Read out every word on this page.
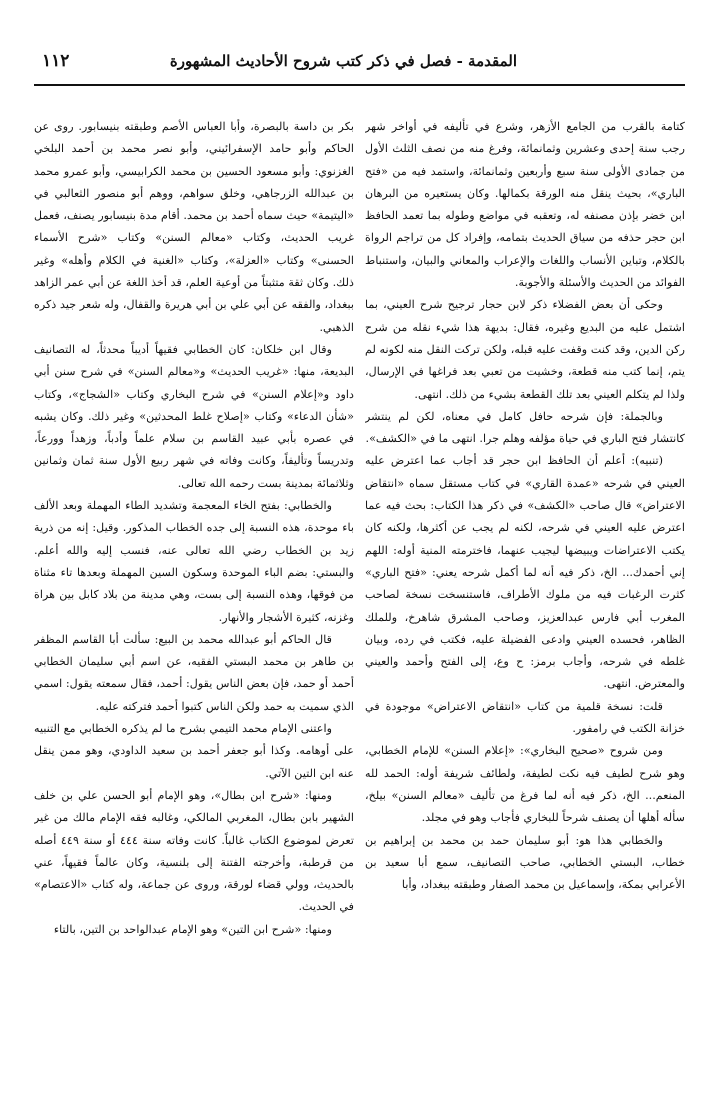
المقدمة - فصل في ذكر كتب شروح الأحاديث المشهورة
١١٢

كتامة بالقرب من الجامع الأزهر، وشرع في تأليفه في أواخر شهر رجب سنة إحدى وعشرين وثمانمائة، وفرغ منه من نصف الثلث الأول من جمادى الأولى سنة سبع وأربعين وثمانمائة، واستمد فيه من «فتح الباري»، بحيث ينقل منه الورقة بكمالها. وكان يستعيره من البرهان ابن خضر بإذن مصنفه له، وتعقبه في مواضع وطوله بما تعمد الحافظ ابن حجر حذفه من سياق الحديث بتمامه، وإفراد كل من تراجم الرواة بالكلام، وتباين الأنساب واللغات والإعراب والمعاني والبيان، واستنباط الفوائد من الحديث والأسئلة والأجوبة.

وحكى أن بعض الفضلاء ذكر لابن حجار ترجيح شرح العيني، بما اشتمل عليه من البديع وغيره، فقال: بديهة هذا شيء نقله من شرح ركن الدين، وقد كنت وقفت عليه قبله، ولكن تركت النقل منه لكونه لم يتم، إنما كتب منه قطعة، وخشيت من تعبي بعد فراغها في الإرسال، ولذا لم يتكلم العيني بعد تلك القطعة بشيء من ذلك. انتهى.

وبالجملة: فإن شرحه حافل كامل في معناه، لكن لم ينتشر كانتشار فتح الباري في حياة مؤلفه وهلم جرا. انتهى ما في «الكشف».

(تنبيه): أعلم أن الحافظ ابن حجر قد أجاب عما اعترض عليه العيني في شرحه «عمدة القاري» في كتاب مستقل سماه «انتقاض الاعتراض» قال صاحب «الكشف» في ذكر هذا الكتاب: بحث فيه عما اعترض عليه العيني في شرحه، لكنه لم يجب عن أكثرها، ولكنه كان يكتب الاعتراضات ويبيضها ليجيب عنهما، فاخترمته المنية أوله: اللهم إني أحمدك... الخ، ذكر فيه أنه لما أكمل شرحه يعني: «فتح الباري» كثرت الرغبات فيه من ملوك الأطراف، فاستنسخت نسخة لصاحب المغرب أبي فارس عبدالعزيز، وصاحب المشرق شاهرخ، وللملك الظاهر، فحسده العيني وادعى الفضيلة عليه، فكتب في رده، وبيان غلطه في شرحه، وأجاب برمز: ح وع، إلى الفتح وأحمد والعيني والمعترض. انتهى.

قلت: نسخة قلمية من كتاب «انتقاض الاعتراض» موجودة في خزانة الكتب في رامفور.

ومن شروح «صحيح البخاري»: «إعلام السنن» للإمام الخطابي، وهو شرح لطيف فيه نكت لطيفة، ولطائف شريفة أوله: الحمد لله المنعم... الخ، ذكر فيه أنه لما فرغ من تأليف «معالم السنن» بيلخ، سأله أهلها أن يصنف شرحاً للبخاري فأجاب وهو في مجلد.

والخطابي هذا هو: أبو سليمان حمد بن محمد بن إبراهيم بن خطاب، البستي الخطابي، صاحب التصانيف، سمع أبا سعيد بن الأعرابي بمكة، وإسماعيل بن محمد الصفار وطبقته ببغداد، وأبا

بكر بن داسة بالبصرة، وأبا العباس الأصم وطبقته بنيسابور. روى عن الحاكم وأبو حامد الإسفرائيني، وأبو نصر محمد بن أحمد البلخي الغزنوي: وأبو مسعود الحسين بن محمد الكرابيسي، وأبو عمرو محمد بن عبدالله الزرجاهي، وخلق سواهم، ووهم أبو منصور الثعالبي في «اليتيمة» حيث سماه أحمد بن محمد. أقام مدة بنيسابور يصنف، فعمل غريب الحديث، وكتاب «معالم السنن» وكتاب «شرح الأسماء الحسنى» وكتاب «العزلة»، وكتاب «الغنية في الكلام وأهله» وغير ذلك. وكان ثقة متثبتاً من أوعية العلم، قد أخذ اللغة عن أبي عمر الزاهد ببغداد، والفقه عن أبي علي بن أبي هريرة والقفال، وله شعر جيد ذكره الذهبي.

وقال ابن خلكان: كان الخطابي فقيهاً أديباً محدثاً، له التصانيف البديعة، منها: «غريب الحديث» و«معالم السنن» في شرح سنن أبي داود و«إعلام السنن» في شرح البخاري وكتاب «الشجاج»، وكتاب «شأن الدعاء» وكتاب «إصلاح غلط المحدثين» وغير ذلك. وكان يشبه في عصره بأبي عبيد القاسم بن سلام علماً وأدباً، وزهداً وورعاً، وتدريساً وتأليفاً، وكانت وفاته في شهر ربيع الأول سنة ثمان وثمانين وثلاثمائة بمدينة بست رحمه الله تعالى.

والخطابي: بفتح الخاء المعجمة وتشديد الطاء المهملة وبعد الألف باء موحدة، هذه النسبة إلى جده الخطاب المذكور. وقيل: إنه من ذرية زيد بن الخطاب رضي الله تعالى عنه، فنسب إليه والله أعلم. والبستي: بضم الباء الموحدة وسكون السين المهملة وبعدها تاء مثناة من فوقها، وهذه النسبة إلى بست، وهي مدينة من بلاد كابل بين هراة وغزنه، كثيرة الأشجار والأنهار.

قال الحاكم أبو عبدالله محمد بن البيع: سألت أبا القاسم المظفر بن طاهر بن محمد البستي الفقيه، عن اسم أبي سليمان الخطابي أحمد أو حمد، فإن بعض الناس يقول: أحمد، فقال سمعته يقول: اسمي الذي سميت به حمد ولكن الناس كتبوا أحمد فتركته عليه.

واعتنى الإمام محمد التيمي بشرح ما لم يذكره الخطابي مع التنبيه على أوهامه. وكذا أبو جعفر أحمد بن سعيد الداودي، وهو ممن ينقل عنه ابن التين الآتي.

ومنها: «شرح ابن بطال»، وهو الإمام أبو الحسن علي بن خلف الشهير بابن بطال، المغربي المالكي، وغالبه فقه الإمام مالك من غير تعرض لموضوع الكتاب غالباً. كانت وفاته سنة ٤٤٤ أو سنة ٤٤٩ أصله من قرطبة، وأخرجته الفتنة إلى بلنسية، وكان عالماً فقيهاً، عني بالحديث، وولي قضاء لورقة، وروى عن جماعة، وله كتاب «الاعتصام» في الحديث.

ومنها: «شرح ابن التين» وهو الإمام عبدالواحد بن التين، بالتاء
